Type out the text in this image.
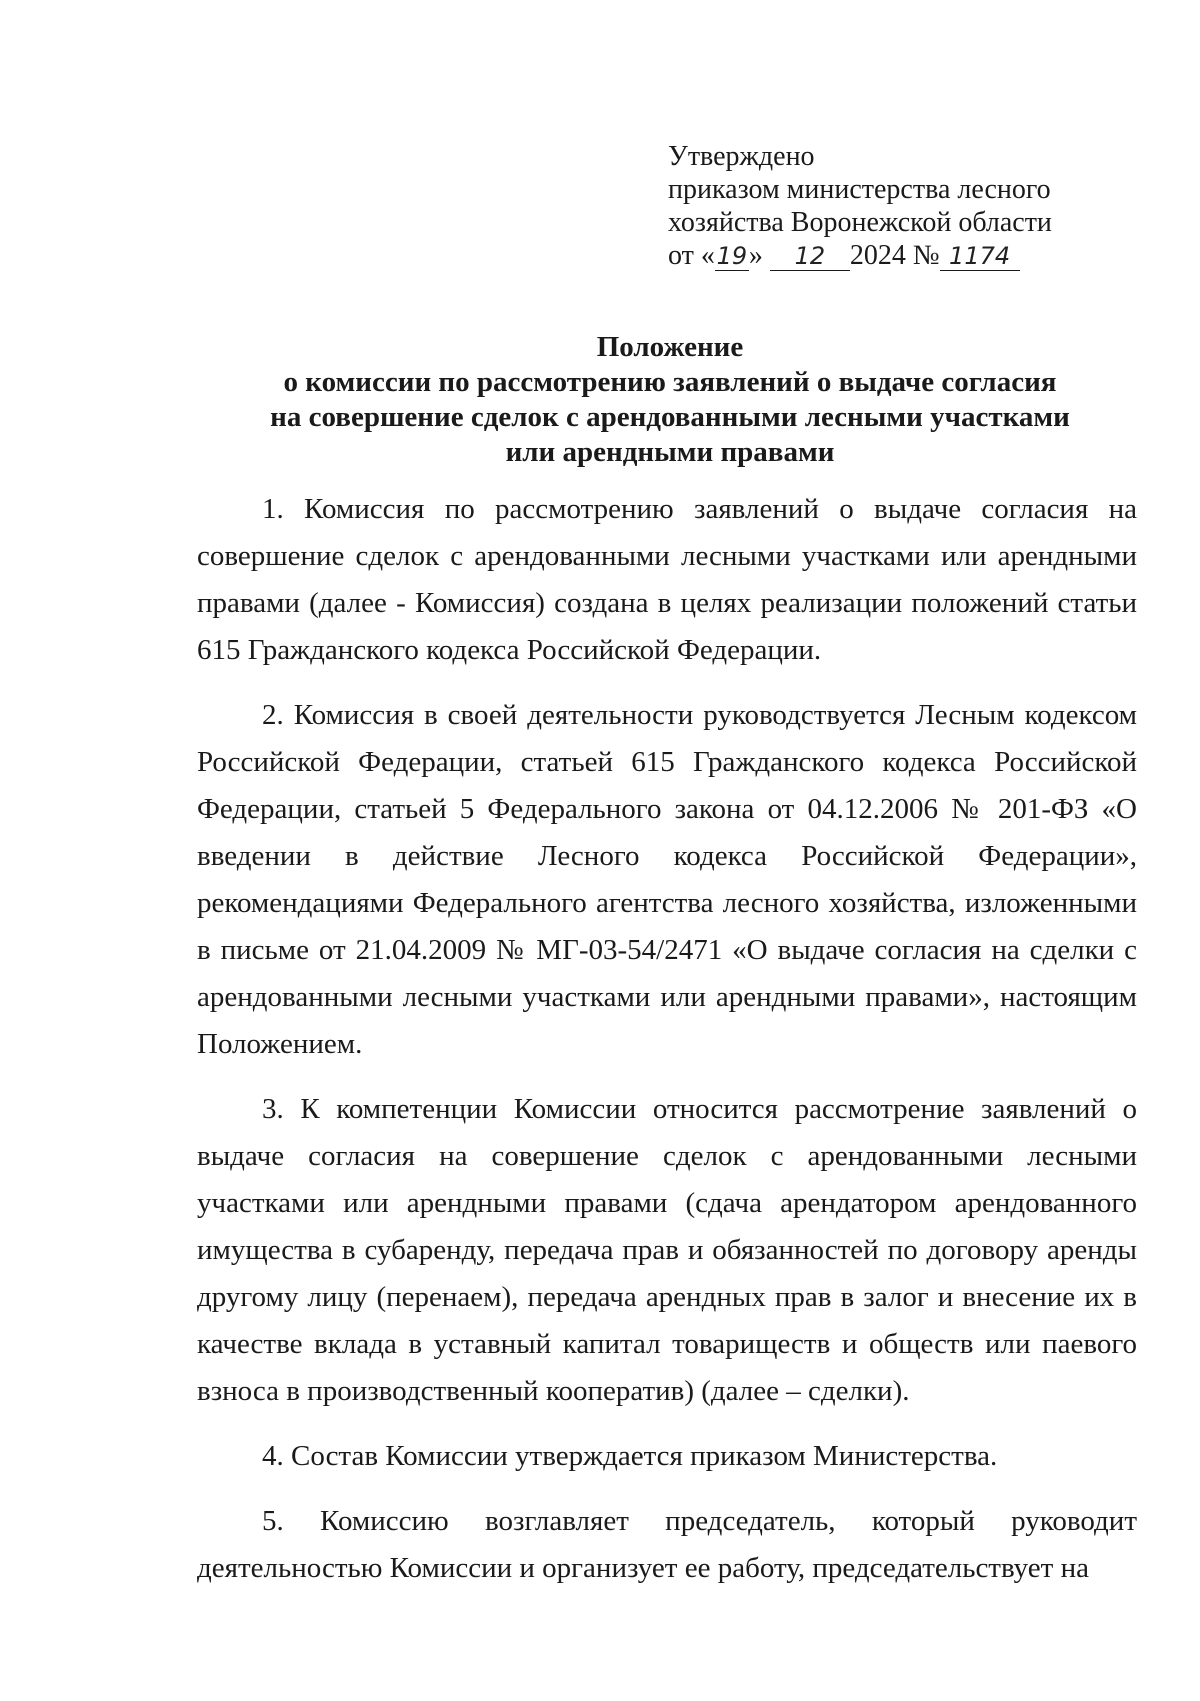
Утверждено
приказом министерства лесного
хозяйства Воронежской области
от «19» 12 2024 № 1174
Положение
о комиссии по рассмотрению заявлений о выдаче согласия
на совершение сделок с арендованными лесными участками
или арендными правами

1. Комиссия по рассмотрению заявлений о выдаче согласия на совершение сделок с арендованными лесными участками или арендными правами (далее - Комиссия) создана в целях реализации положений статьи 615 Гражданского кодекса Российской Федерации.

2. Комиссия в своей деятельности руководствуется Лесным кодексом Российской Федерации, статьей 615 Гражданского кодекса Российской Федерации, статьей 5 Федерального закона от 04.12.2006 № 201-ФЗ «О введении в действие Лесного кодекса Российской Федерации», рекомендациями Федерального агентства лесного хозяйства, изложенными в письме от 21.04.2009 № МГ-03-54/2471 «О выдаче согласия на сделки с арендованными лесными участками или арендными правами», настоящим Положением.

3. К компетенции Комиссии относится рассмотрение заявлений о выдаче согласия на совершение сделок с арендованными лесными участками или арендными правами (сдача арендатором арендованного имущества в субаренду, передача прав и обязанностей по договору аренды другому лицу (перенаем), передача арендных прав в залог и внесение их в качестве вклада в уставный капитал товариществ и обществ или паевого взноса в производственный кооператив) (далее – сделки).

4. Состав Комиссии утверждается приказом Министерства.

5. Комиссию возглавляет председатель, который руководит деятельностью Комиссии и организует ее работу, председательствует на
